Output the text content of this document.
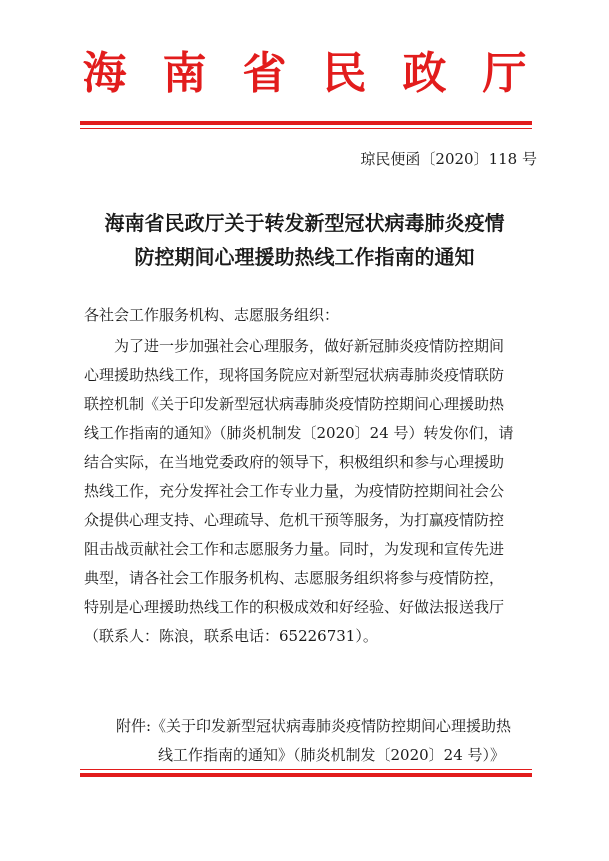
海南省民政厅
琼民便函〔2020〕118 号
海南省民政厅关于转发新型冠状病毒肺炎疫情
防控期间心理援助热线工作指南的通知
各社会工作服务机构、志愿服务组织：
　　为了进一步加强社会心理服务，做好新冠肺炎疫情防控期间
心理援助热线工作，现将国务院应对新型冠状病毒肺炎疫情联防
联控机制《关于印发新型冠状病毒肺炎疫情防控期间心理援助热
线工作指南的通知》（肺炎机制发〔2020〕24 号）转发你们，请
结合实际，在当地党委政府的领导下，积极组织和参与心理援助
热线工作，充分发挥社会工作专业力量，为疫情防控期间社会公
众提供心理支持、心理疏导、危机干预等服务，为打赢疫情防控
阻击战贡献社会工作和志愿服务力量。同时，为发现和宣传先进
典型，请各社会工作服务机构、志愿服务组织将参与疫情防控，
特别是心理援助热线工作的积极成效和好经验、好做法报送我厅
（联系人：陈浪，联系电话：65226731）。
附件:《关于印发新型冠状病毒肺炎疫情防控期间心理援助热
线工作指南的通知》（肺炎机制发〔2020〕24 号）》
